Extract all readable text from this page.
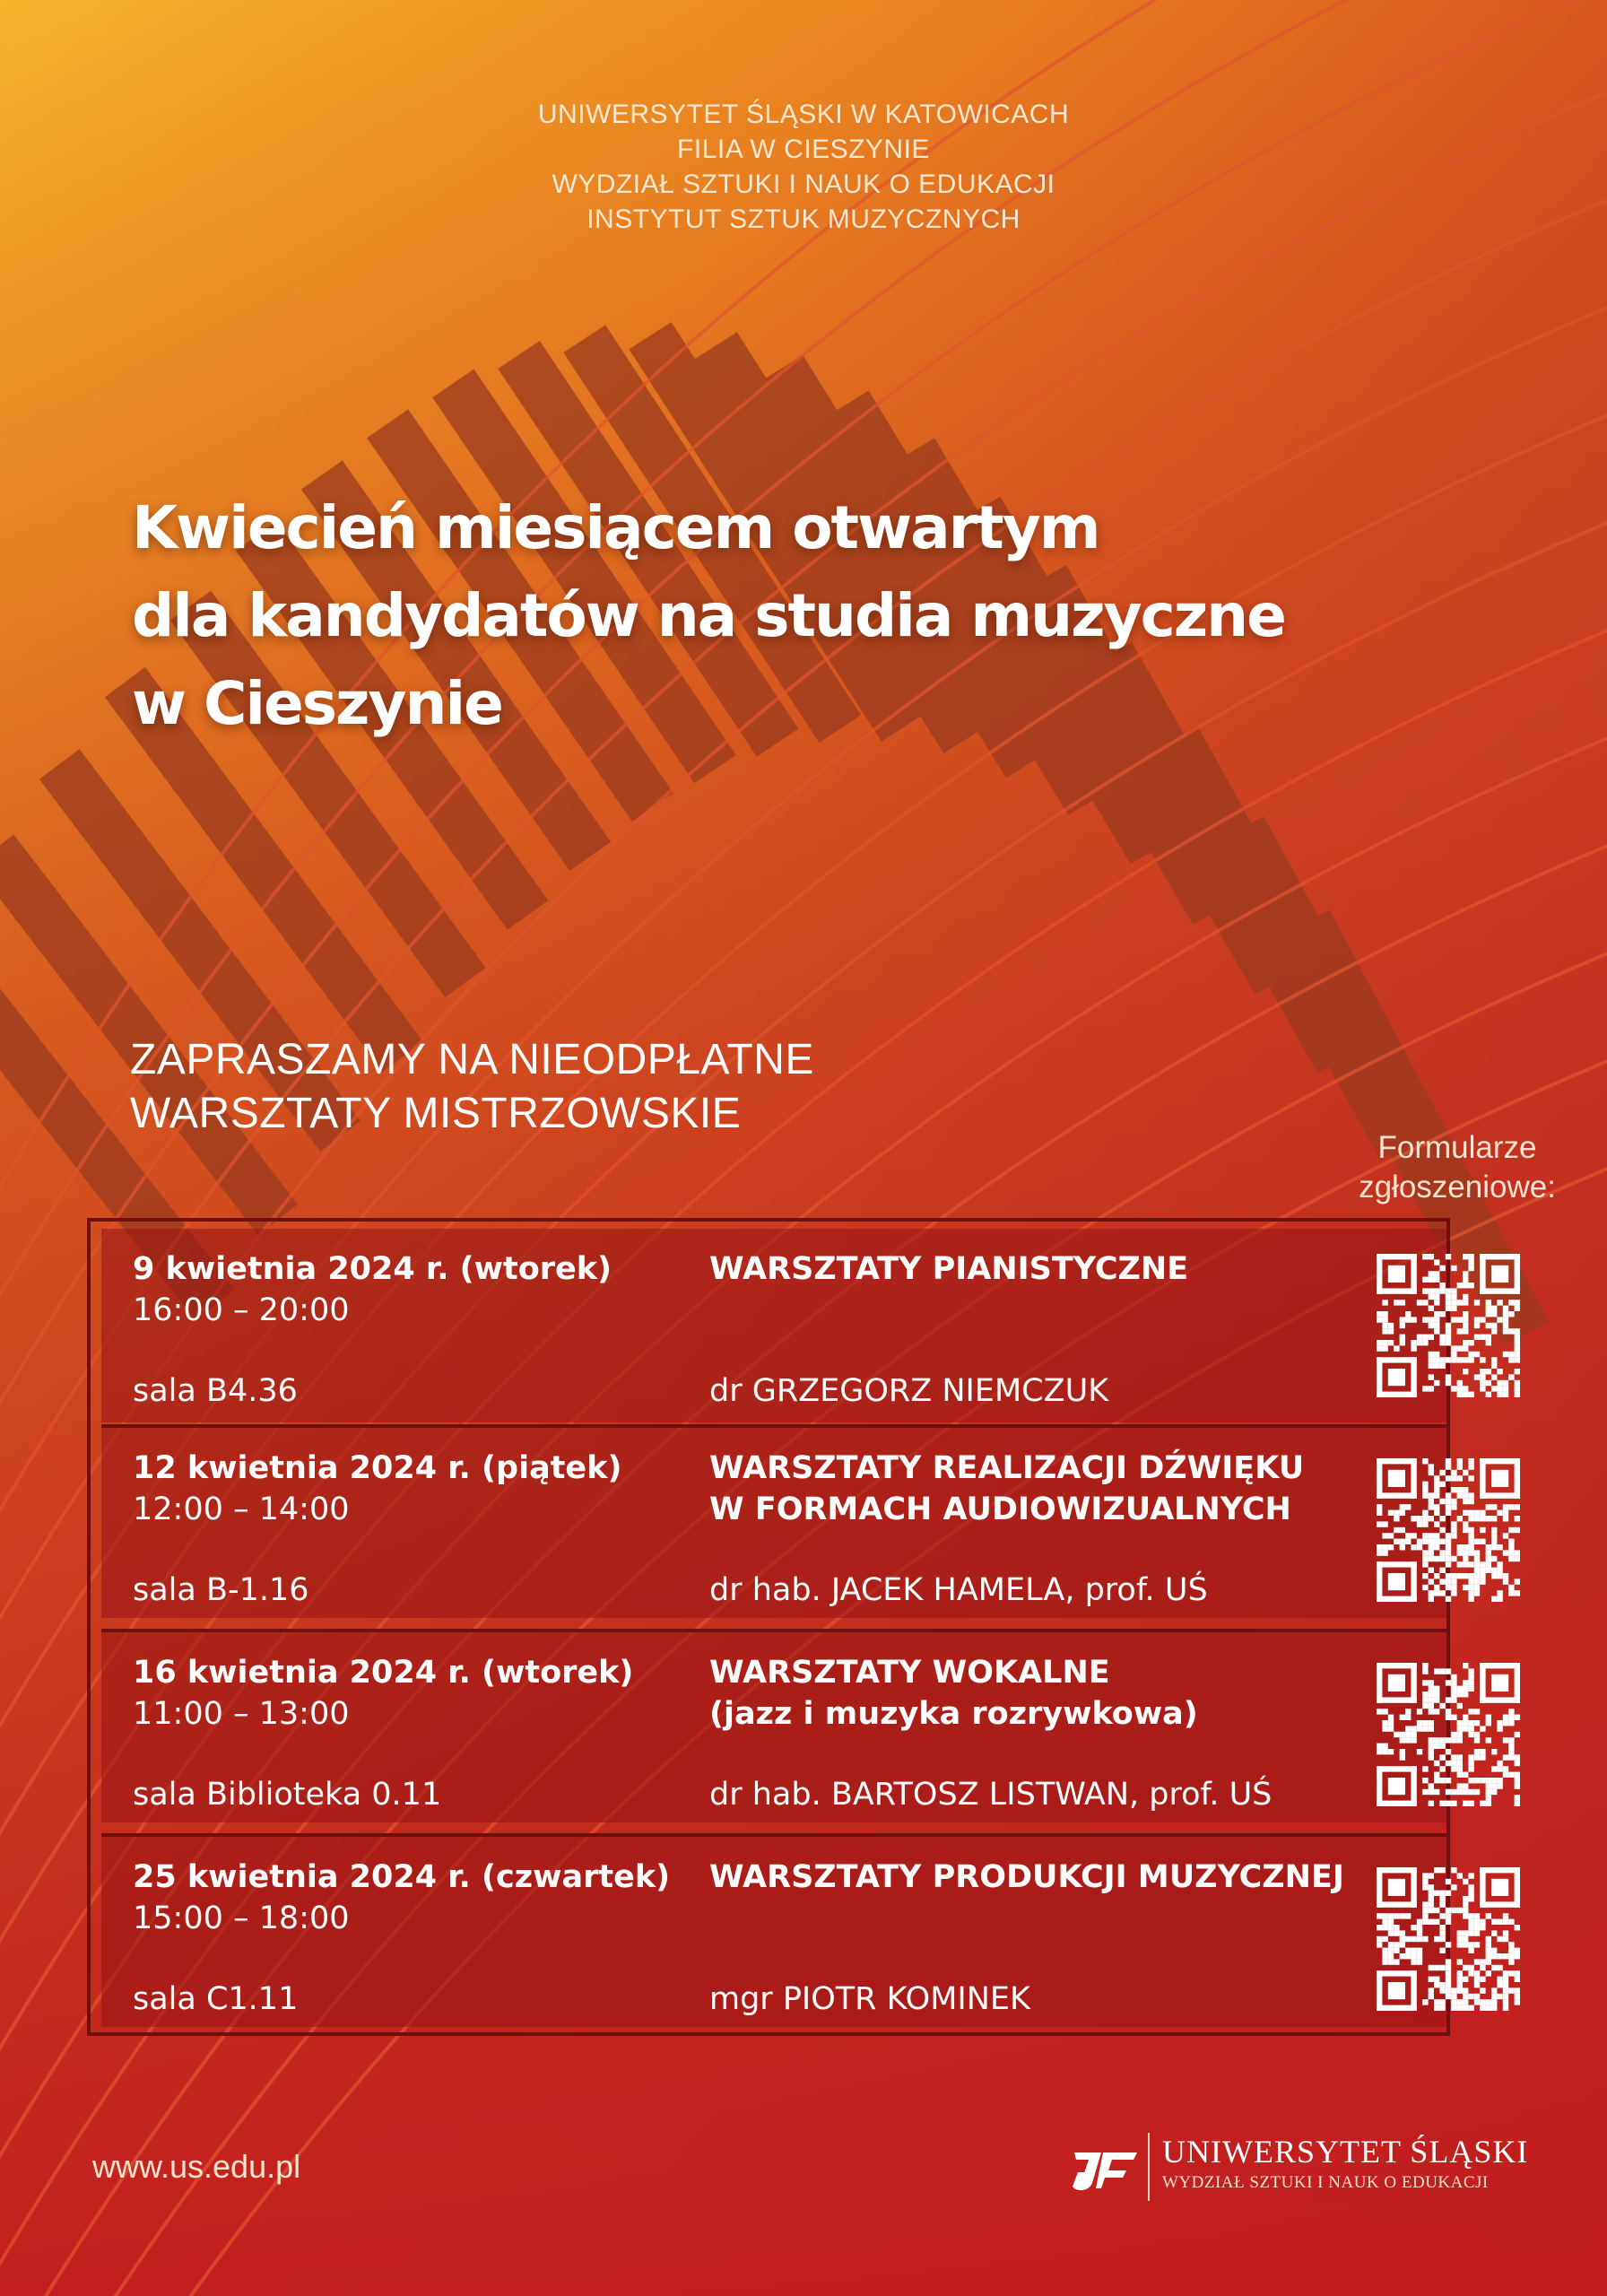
UNIWERSYTET ŚLĄSKI W KATOWICACH
FILIA W CIESZYNIE
WYDZIAŁ SZTUKI I NAUK O EDUKACJI
INSTYTUT SZTUK MUZYCZNYCH
Kwiecień miesiącem otwartym
dla kandydatów na studia muzyczne
w Cieszynie
ZAPRASZAMY NA NIEODPŁATNE
WARSZTATY MISTRZOWSKIE
Formularze
zgłoszeniowe:
9 kwietnia 2024 r. (wtorek)
16:00 – 20:00
sala B4.36
WARSZTATY PIANISTYCZNE
dr GRZEGORZ NIEMCZUK
12 kwietnia 2024 r. (piątek)
12:00 – 14:00
sala B-1.16
WARSZTATY REALIZACJI DŹWIĘKU
W FORMACH AUDIOWIZUALNYCH
dr hab. JACEK HAMELA, prof. UŚ
16 kwietnia 2024 r. (wtorek)
11:00 – 13:00
sala Biblioteka 0.11
WARSZTATY WOKALNE
(jazz i muzyka rozrywkowa)
dr hab. BARTOSZ LISTWAN, prof. UŚ
25 kwietnia 2024 r. (czwartek)
15:00 – 18:00
sala C1.11
WARSZTATY PRODUKCJI MUZYCZNEJ
mgr PIOTR KOMINEK
www.us.edu.pl	UNIWERSYTET ŚLĄSKI
WYDZIAŁ SZTUKI I NAUK O EDUKACJI
